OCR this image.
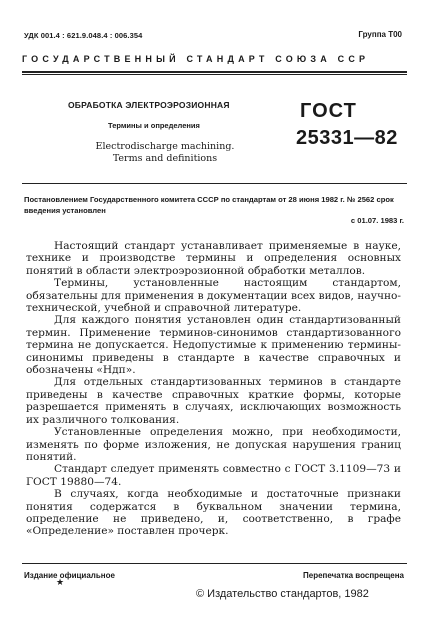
УДК 001.4 : 621.9.048.4 : 006.354	Группа Т00
ГОСУДАРСТВЕННЫЙ СТАНДАРТ СОЮЗА ССР
ОБРАБОТКА ЭЛЕКТРОЭРОЗИОННАЯ
Термины и определения
Electrodischarge machining.
Terms and definitions
ГОСТ
25331—82
Постановлением Государственного комитета СССР по стандартам от 28 июня 1982 г. № 2562 срок введения установлен
с 01.07. 1983 г.

Настоящий стандарт устанавливает применяемые в науке, технике и производстве термины и определения основных понятий в области электроэрозионной обработки металлов.

Термины, установленные настоящим стандартом, обязательны для применения в документации всех видов, научно-технической, учебной и справочной литературе.

Для каждого понятия установлен один стандартизованный термин. Применение терминов-синонимов стандартизованного термина не допускается. Недопустимые к применению термины-синонимы приведены в стандарте в качестве справочных и обозначены «Ндп».

Для отдельных стандартизованных терминов в стандарте приведены в качестве справочных краткие формы, которые разрешается применять в случаях, исключающих возможность их различного толкования.

Установленные определения можно, при необходимости, изменять по форме изложения, не допуская нарушения границ понятий.

Стандарт следует применять совместно с ГОСТ 3.1109—73 и ГОСТ 19880—74.

В случаях, когда необходимые и достаточные признаки понятия содержатся в буквальном значении термина, определение не приведено, и, соответственно, в графе «Определение» поставлен прочерк.

Издание официальное	Перепечатка воспрещена
★
© Издательство стандартов, 1982
